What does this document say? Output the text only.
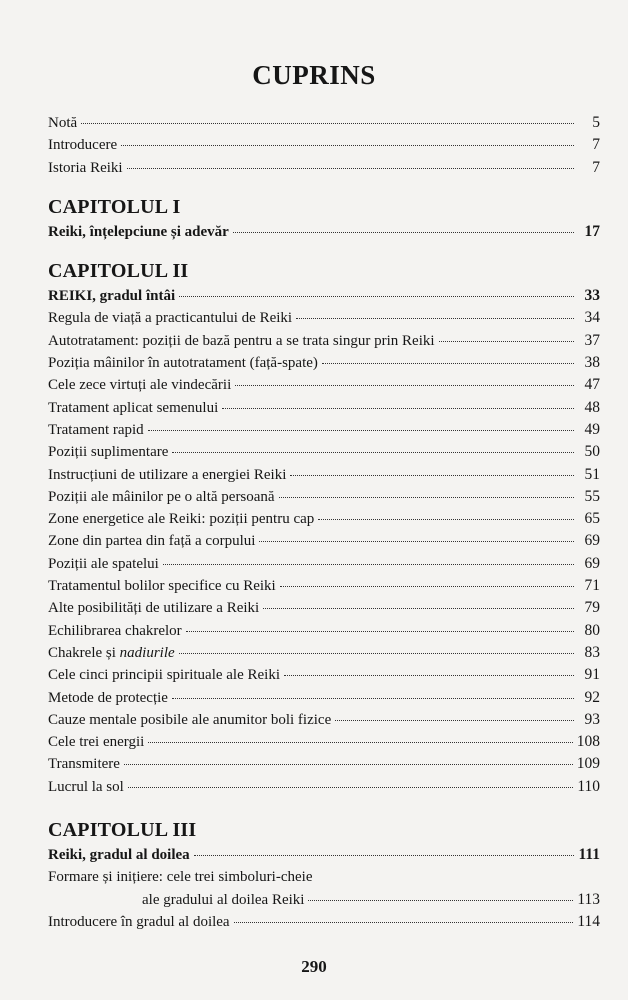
CUPRINS
Notă	5
Introducere	7
Istoria Reiki	7
CAPITOLUL I
Reiki, înțelepciune și adevăr	17
CAPITOLUL II
REIKI, gradul întâi	33
Regula de viață a practicantului de Reiki	34
Autotratament: poziții de bază pentru a se trata singur prin Reiki	37
Poziția mâinilor în autotratament (față-spate)	38
Cele zece virtuți ale vindecării	47
Tratament aplicat semenului	48
Tratament rapid	49
Poziții suplimentare	50
Instrucțiuni de utilizare a energiei Reiki	51
Poziții ale mâinilor pe o altă persoană	55
Zone energetice ale Reiki: poziții pentru cap	65
Zone din partea din față a corpului	69
Poziții ale spatelui	69
Tratamentul bolilor specifice cu Reiki	71
Alte posibilități de utilizare a Reiki	79
Echilibrarea chakrelor	80
Chakrele și nadiurile	83
Cele cinci principii spirituale ale Reiki	91
Metode de protecție	92
Cauze mentale posibile ale anumitor boli fizice	93
Cele trei energii	108
Transmitere	109
Lucrul la sol	110
CAPITOLUL III
Reiki, gradul al doilea	111
Formare și inițiere: cele trei simboluri-cheie
ale gradului al doilea Reiki	113
Introducere în gradul al doilea	114
290
